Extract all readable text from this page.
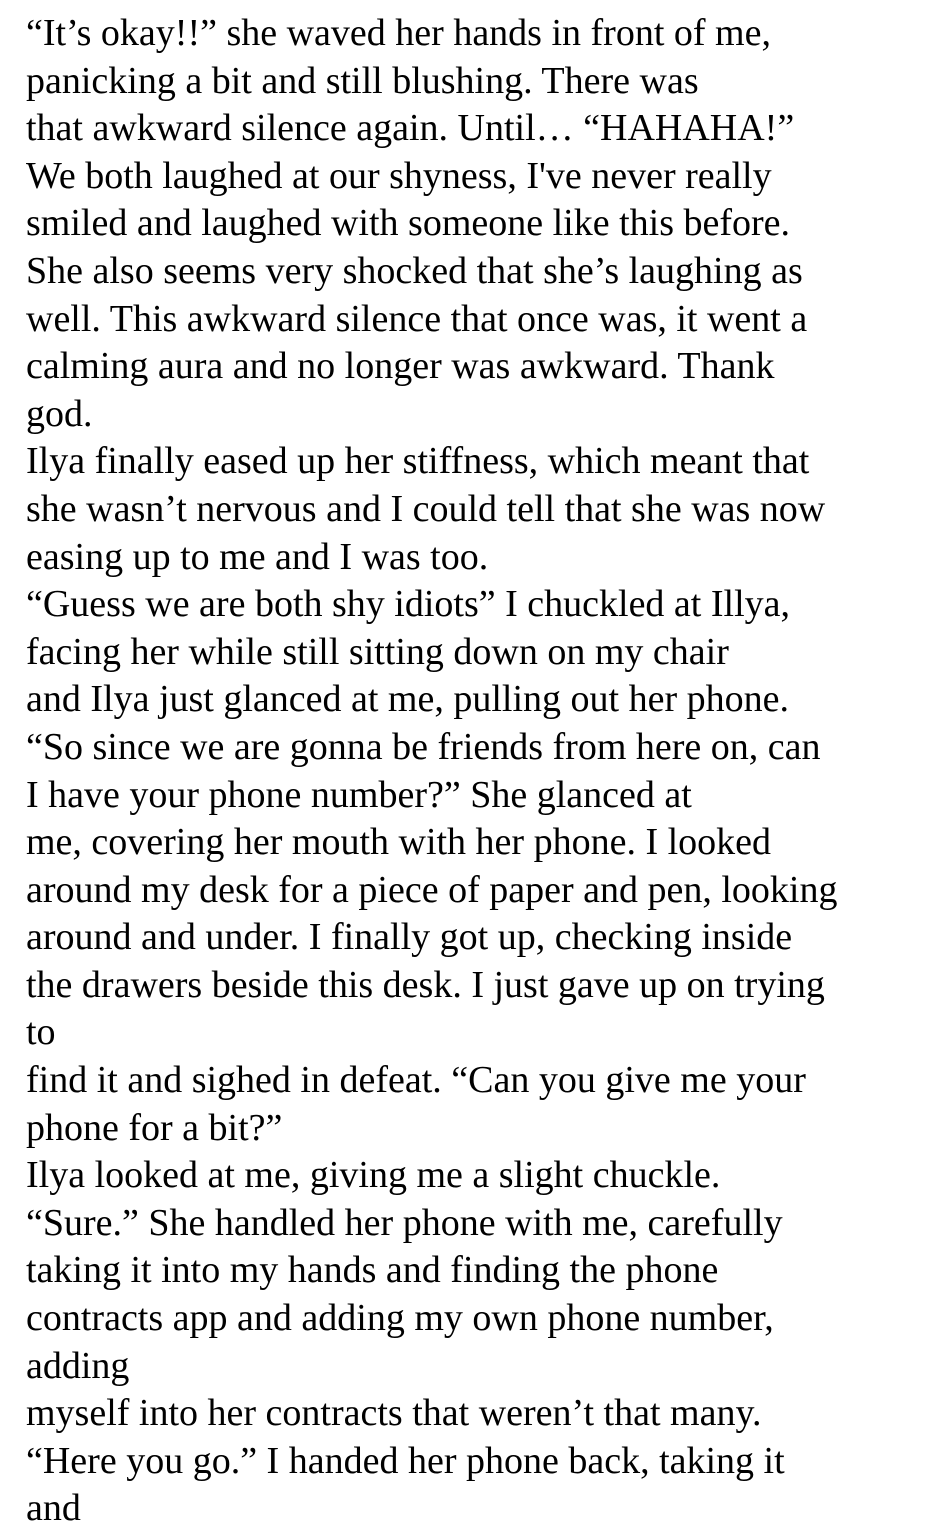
“It’s okay!!” she waved her hands in front of me,
panicking a bit and still blushing. There was
that awkward silence again. Until… “HAHAHA!”
We both laughed at our shyness, I've never really
smiled and laughed with someone like this before.
She also seems very shocked that she’s laughing as
well. This awkward silence that once was, it went a
calming aura and no longer was awkward. Thank
god.
Ilya finally eased up her stiffness, which meant that
she wasn’t nervous and I could tell that she was now
easing up to me and I was too.
“Guess we are both shy idiots” I chuckled at Illya,
facing her while still sitting down on my chair
and Ilya just glanced at me, pulling out her phone.
“So since we are gonna be friends from here on, can
I have your phone number?” She glanced at
me, covering her mouth with her phone. I looked
around my desk for a piece of paper and pen, looking
around and under. I finally got up, checking inside
the drawers beside this desk. I just gave up on trying
to
find it and sighed in defeat. “Can you give me your
phone for a bit?”
Ilya looked at me, giving me a slight chuckle.
“Sure.” She handled her phone with me, carefully
taking it into my hands and finding the phone
contracts app and adding my own phone number,
adding
myself into her contracts that weren’t that many.
“Here you go.” I handed her phone back, taking it
and
